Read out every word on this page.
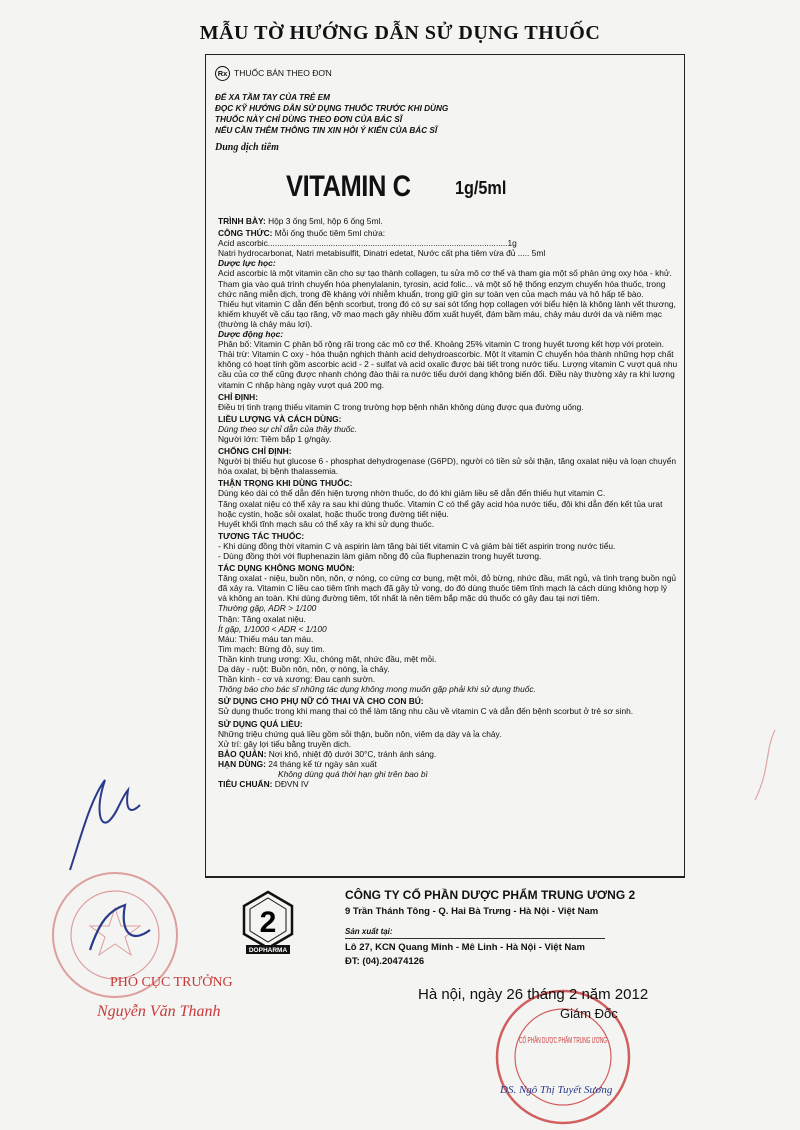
MẪU TỜ HƯỚNG DẪN SỬ DỤNG THUỐC
Rx THUỐC BÁN THEO ĐƠN
ĐỂ XA TẦM TAY CỦA TRẺ EM
ĐỌC KỸ HƯỚNG DẪN SỬ DỤNG THUỐC TRƯỚC KHI DÙNG
THUỐC NÀY CHỈ DÙNG THEO ĐƠN CỦA BÁC SĨ
NẾU CẦN THÊM THÔNG TIN XIN HỎI Ý KIẾN CỦA BÁC SĨ
Dung dịch tiêm
VITAMIN C 1g/5ml

TRÌNH BÀY: Hộp 3 ống 5ml, hộp 6 ống 5ml.

CÔNG THỨC: Mỗi ống thuốc tiêm 5ml chứa:

Acid ascorbic.......................................................................................................1g

Natri hydrocarbonat, Natri metabisulfit, Dinatri edetat, Nước cất pha tiêm vừa đủ ..... 5ml

Dược lực học:

Acid ascorbic là một vitamin cần cho sự tạo thành collagen, tu sửa mô cơ thể và tham gia một số phản ứng oxy hóa - khử. Tham gia vào quá trình chuyển hóa phenylalanin, tyrosin, acid folic... và một số hệ thống enzym chuyển hóa thuốc, trong chức năng miễn dịch, trong đề kháng với nhiễm khuẩn, trong giữ gìn sự toàn vẹn của mạch máu và hô hấp tế bào.

Thiếu hụt vitamin C dẫn đến bệnh scorbut, trong đó có sự sai sót tổng hợp collagen với biểu hiện là không lành vết thương, khiếm khuyết về cấu tạo răng, vỡ mao mạch gây nhiều đốm xuất huyết, đám bầm máu, chảy máu dưới da và niêm mạc (thường là chảy máu lợi).

Dược động học:

Phân bố: Vitamin C phân bố rộng rãi trong các mô cơ thể. Khoảng 25% vitamin C trong huyết tương kết hợp với protein.

Thải trừ: Vitamin C oxy - hóa thuận nghịch thành acid dehydroascorbic. Một ít vitamin C chuyển hóa thành những hợp chất không có hoạt tính gồm ascorbic acid - 2 - sulfat và acid oxalic được bài tiết trong nước tiểu. Lượng vitamin C vượt quá nhu cầu của cơ thể cũng được nhanh chóng đào thải ra nước tiểu dưới dạng không biến đổi. Điều này thường xảy ra khi lượng vitamin C nhập hàng ngày vượt quá 200 mg.

CHỈ ĐỊNH:

Điều trị tình trạng thiếu vitamin C trong trường hợp bệnh nhân không dùng được qua đường uống.

LIỀU LƯỢNG VÀ CÁCH DÙNG:

Dùng theo sự chỉ dẫn của thầy thuốc.

Người lớn: Tiêm bắp 1 g/ngày.

CHỐNG CHỈ ĐỊNH:

Người bị thiếu hụt glucose 6 - phosphat dehydrogenase (G6PD), người có tiền sử sỏi thận, tăng oxalat niệu và loạn chuyển hóa oxalat, bị bệnh thalassemia.

THẬN TRỌNG KHI DÙNG THUỐC:

Dùng kéo dài có thể dẫn đến hiện tượng nhờn thuốc, do đó khi giảm liều sẽ dẫn đến thiếu hụt vitamin C.

Tăng oxalat niệu có thể xảy ra sau khi dùng thuốc. Vitamin C có thể gây acid hóa nước tiểu, đôi khi dẫn đến kết tủa urat hoặc cystin, hoặc sỏi oxalat, hoặc thuốc trong đường tiết niệu.

Huyết khối tĩnh mạch sâu có thể xảy ra khi sử dụng thuốc.

TƯƠNG TÁC THUỐC:

- Khi dùng đồng thời vitamin C và aspirin làm tăng bài tiết vitamin C và giảm bài tiết aspirin trong nước tiểu.

- Dùng đồng thời với fluphenazin làm giảm nồng độ của fluphenazin trong huyết tương.

TÁC DỤNG KHÔNG MONG MUỐN:

Tăng oxalat - niệu, buồn nôn, nôn, ợ nóng, co cứng cơ bụng, mệt mỏi, đỏ bừng, nhức đầu, mất ngủ, và tình trạng buồn ngủ đã xảy ra. Vitamin C liều cao tiêm tĩnh mạch đã gây tử vong, do đó dùng thuốc tiêm tĩnh mạch là cách dùng không hợp lý và không an toàn. Khi dùng đường tiêm, tốt nhất là nên tiêm bắp mặc dù thuốc có gây đau tại nơi tiêm.

Thường gặp, ADR > 1/100

Thận: Tăng oxalat niệu.

Ít gặp, 1/1000 < ADR < 1/100

Máu: Thiếu máu tan máu.

Tim mạch: Bừng đỏ, suy tim.

Thần kinh trung ương: Xỉu, chóng mặt, nhức đầu, mệt mỏi.

Dạ dày - ruột: Buồn nôn, nôn, ợ nóng, ỉa chảy.

Thần kinh - cơ và xương: Đau cạnh sườn.

Thông báo cho bác sĩ những tác dụng không mong muốn gặp phải khi sử dụng thuốc.

SỬ DỤNG CHO PHỤ NỮ CÓ THAI VÀ CHO CON BÚ:

Sử dụng thuốc trong khi mang thai có thể làm tăng nhu cầu về vitamin C và dẫn đến bệnh scorbut ở trẻ sơ sinh.

SỬ DỤNG QUÁ LIỀU:

Những triệu chứng quá liều gồm sỏi thận, buồn nôn, viêm dạ dày và ỉa chảy.

Xử trí: gây lợi tiểu bằng truyền dịch.

BẢO QUẢN: Nơi khô, nhiệt độ dưới 30°C, tránh ánh sáng.

HẠN DÙNG: 24 tháng kể từ ngày sản xuất

Không dùng quá thời hạn ghi trên bao bì

TIÊU CHUẨN: DĐVN IV

2
DOPHARMA
CÔNG TY CỔ PHẦN DƯỢC PHẨM TRUNG ƯƠNG 2
9 Trần Thánh Tông - Q. Hai Bà Trưng - Hà Nội - Việt Nam
Sản xuất tại:
Lô 27, KCN Quang Minh - Mê Linh - Hà Nội - Việt Nam
ĐT: (04).20474126
PHÓ CỤC TRƯỞNG
Nguyễn Văn Thanh
CỔ PHẦN DƯỢC PHẨM TRUNG ƯƠNG
Hà nội, ngày 26 tháng 2 năm 2012
Giám Đốc
DS. Ngô Thị Tuyết Sương
